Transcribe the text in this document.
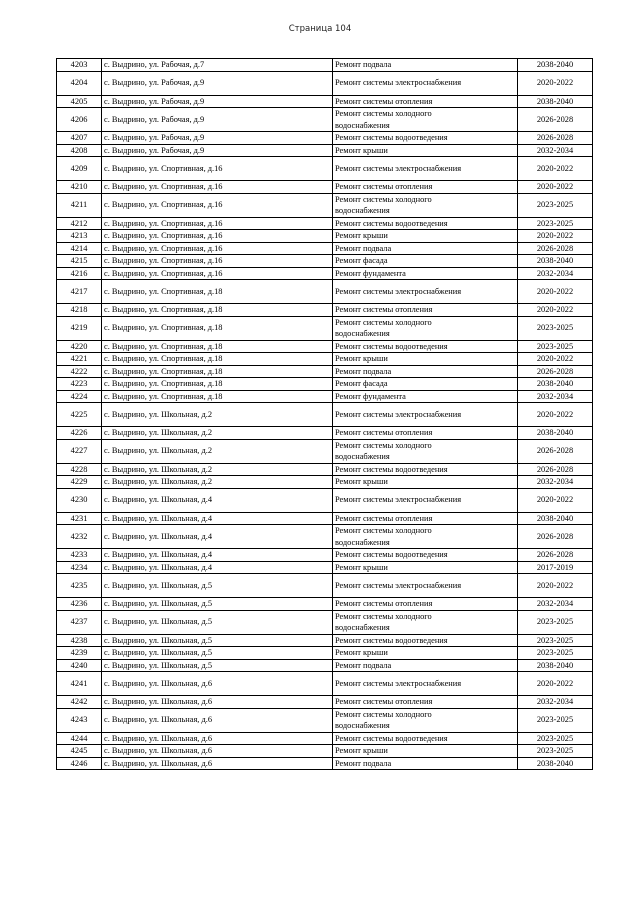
Страница 104
4203	с. Выдрино, ул. Рабочая, д.7	Ремонт подвала	2038-2040
4204	с. Выдрино, ул. Рабочая, д.9	Ремонт системы электроснабжения	2020-2022
4205	с. Выдрино, ул. Рабочая, д.9	Ремонт системы отопления	2038-2040
4206	с. Выдрино, ул. Рабочая, д.9	Ремонт системы холодного
водоснабжения	2026-2028
4207	с. Выдрино, ул. Рабочая, д.9	Ремонт системы водоотведения	2026-2028
4208	с. Выдрино, ул. Рабочая, д.9	Ремонт крыши	2032-2034
4209	с. Выдрино, ул. Спортивная, д.16	Ремонт системы электроснабжения	2020-2022
4210	с. Выдрино, ул. Спортивная, д.16	Ремонт системы отопления	2020-2022
4211	с. Выдрино, ул. Спортивная, д.16	Ремонт системы холодного
водоснабжения	2023-2025
4212	с. Выдрино, ул. Спортивная, д.16	Ремонт системы водоотведения	2023-2025
4213	с. Выдрино, ул. Спортивная, д.16	Ремонт крыши	2020-2022
4214	с. Выдрино, ул. Спортивная, д.16	Ремонт подвала	2026-2028
4215	с. Выдрино, ул. Спортивная, д.16	Ремонт фасада	2038-2040
4216	с. Выдрино, ул. Спортивная, д.16	Ремонт фундамента	2032-2034
4217	с. Выдрино, ул. Спортивная, д.18	Ремонт системы электроснабжения	2020-2022
4218	с. Выдрино, ул. Спортивная, д.18	Ремонт системы отопления	2020-2022
4219	с. Выдрино, ул. Спортивная, д.18	Ремонт системы холодного
водоснабжения	2023-2025
4220	с. Выдрино, ул. Спортивная, д.18	Ремонт системы водоотведения	2023-2025
4221	с. Выдрино, ул. Спортивная, д.18	Ремонт крыши	2020-2022
4222	с. Выдрино, ул. Спортивная, д.18	Ремонт подвала	2026-2028
4223	с. Выдрино, ул. Спортивная, д.18	Ремонт фасада	2038-2040
4224	с. Выдрино, ул. Спортивная, д.18	Ремонт фундамента	2032-2034
4225	с. Выдрино, ул. Школьная, д.2	Ремонт системы электроснабжения	2020-2022
4226	с. Выдрино, ул. Школьная, д.2	Ремонт системы отопления	2038-2040
4227	с. Выдрино, ул. Школьная, д.2	Ремонт системы холодного
водоснабжения	2026-2028
4228	с. Выдрино, ул. Школьная, д.2	Ремонт системы водоотведения	2026-2028
4229	с. Выдрино, ул. Школьная, д.2	Ремонт крыши	2032-2034
4230	с. Выдрино, ул. Школьная, д.4	Ремонт системы электроснабжения	2020-2022
4231	с. Выдрино, ул. Школьная, д.4	Ремонт системы отопления	2038-2040
4232	с. Выдрино, ул. Школьная, д.4	Ремонт системы холодного
водоснабжения	2026-2028
4233	с. Выдрино, ул. Школьная, д.4	Ремонт системы водоотведения	2026-2028
4234	с. Выдрино, ул. Школьная, д.4	Ремонт крыши	2017-2019
4235	с. Выдрино, ул. Школьная, д.5	Ремонт системы электроснабжения	2020-2022
4236	с. Выдрино, ул. Школьная, д.5	Ремонт системы отопления	2032-2034
4237	с. Выдрино, ул. Школьная, д.5	Ремонт системы холодного
водоснабжения	2023-2025
4238	с. Выдрино, ул. Школьная, д.5	Ремонт системы водоотведения	2023-2025
4239	с. Выдрино, ул. Школьная, д.5	Ремонт крыши	2023-2025
4240	с. Выдрино, ул. Школьная, д.5	Ремонт подвала	2038-2040
4241	с. Выдрино, ул. Школьная, д.6	Ремонт системы электроснабжения	2020-2022
4242	с. Выдрино, ул. Школьная, д.6	Ремонт системы отопления	2032-2034
4243	с. Выдрино, ул. Школьная, д.6	Ремонт системы холодного
водоснабжения	2023-2025
4244	с. Выдрино, ул. Школьная, д.6	Ремонт системы водоотведения	2023-2025
4245	с. Выдрино, ул. Школьная, д.6	Ремонт крыши	2023-2025
4246	с. Выдрино, ул. Школьная, д.6	Ремонт подвала	2038-2040
